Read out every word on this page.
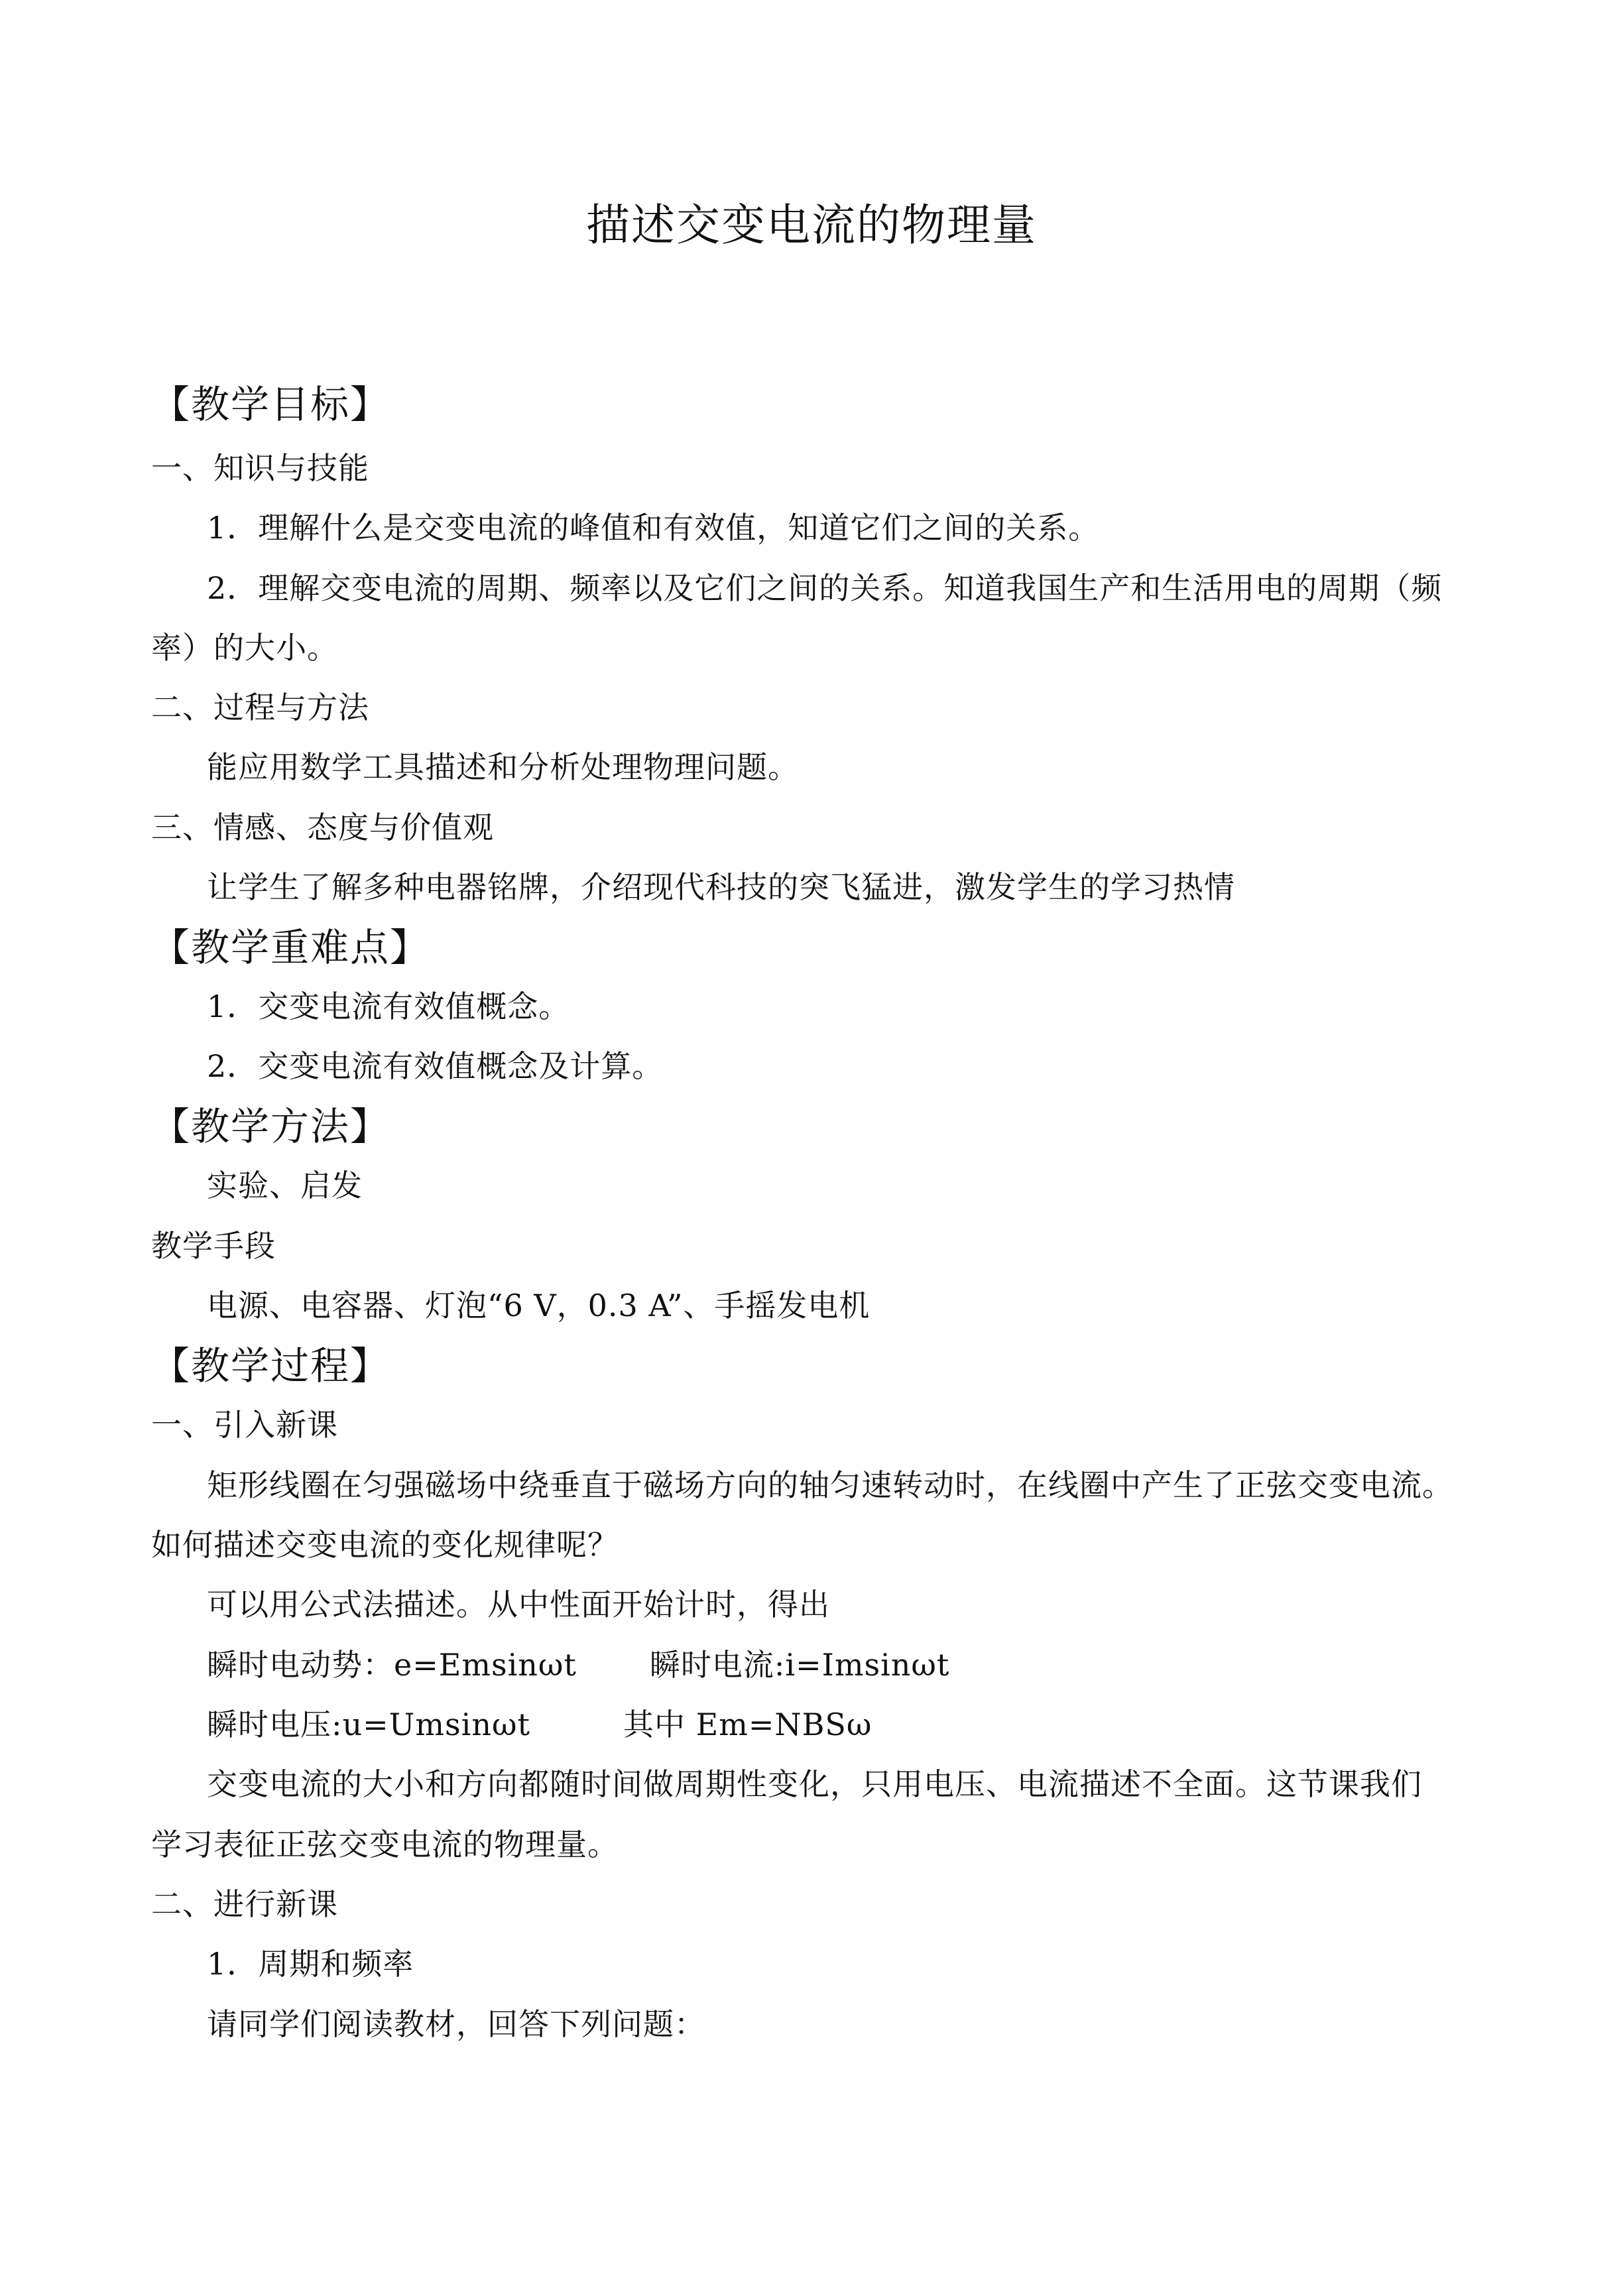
描述交变电流的物理量
【教学目标】
一、知识与技能
1．理解什么是交变电流的峰值和有效值，知道它们之间的关系。
2．理解交变电流的周期、频率以及它们之间的关系。知道我国生产和生活用电的周期（频
率）的大小。
二、过程与方法
能应用数学工具描述和分析处理物理问题。
三、情感、态度与价值观
让学生了解多种电器铭牌，介绍现代科技的突飞猛进，激发学生的学习热情
【教学重难点】
1．交变电流有效值概念。
2．交变电流有效值概念及计算。
【教学方法】
实验、启发
教学手段
电源、电容器、灯泡“6 V，0.3 A”、手摇发电机
【教学过程】
一、引入新课
矩形线圈在匀强磁场中绕垂直于磁场方向的轴匀速转动时，在线圈中产生了正弦交变电流。
如何描述交变电流的变化规律呢？
可以用公式法描述。从中性面开始计时，得出
瞬时电动势：e=Emsinωt 瞬时电流:i=Imsinωt
瞬时电压:u=Umsinωt	其中 Em=NBSω
交变电流的大小和方向都随时间做周期性变化，只用电压、电流描述不全面。这节课我们
学习表征正弦交变电流的物理量。
二、进行新课
1．周期和频率
请同学们阅读教材，回答下列问题：
